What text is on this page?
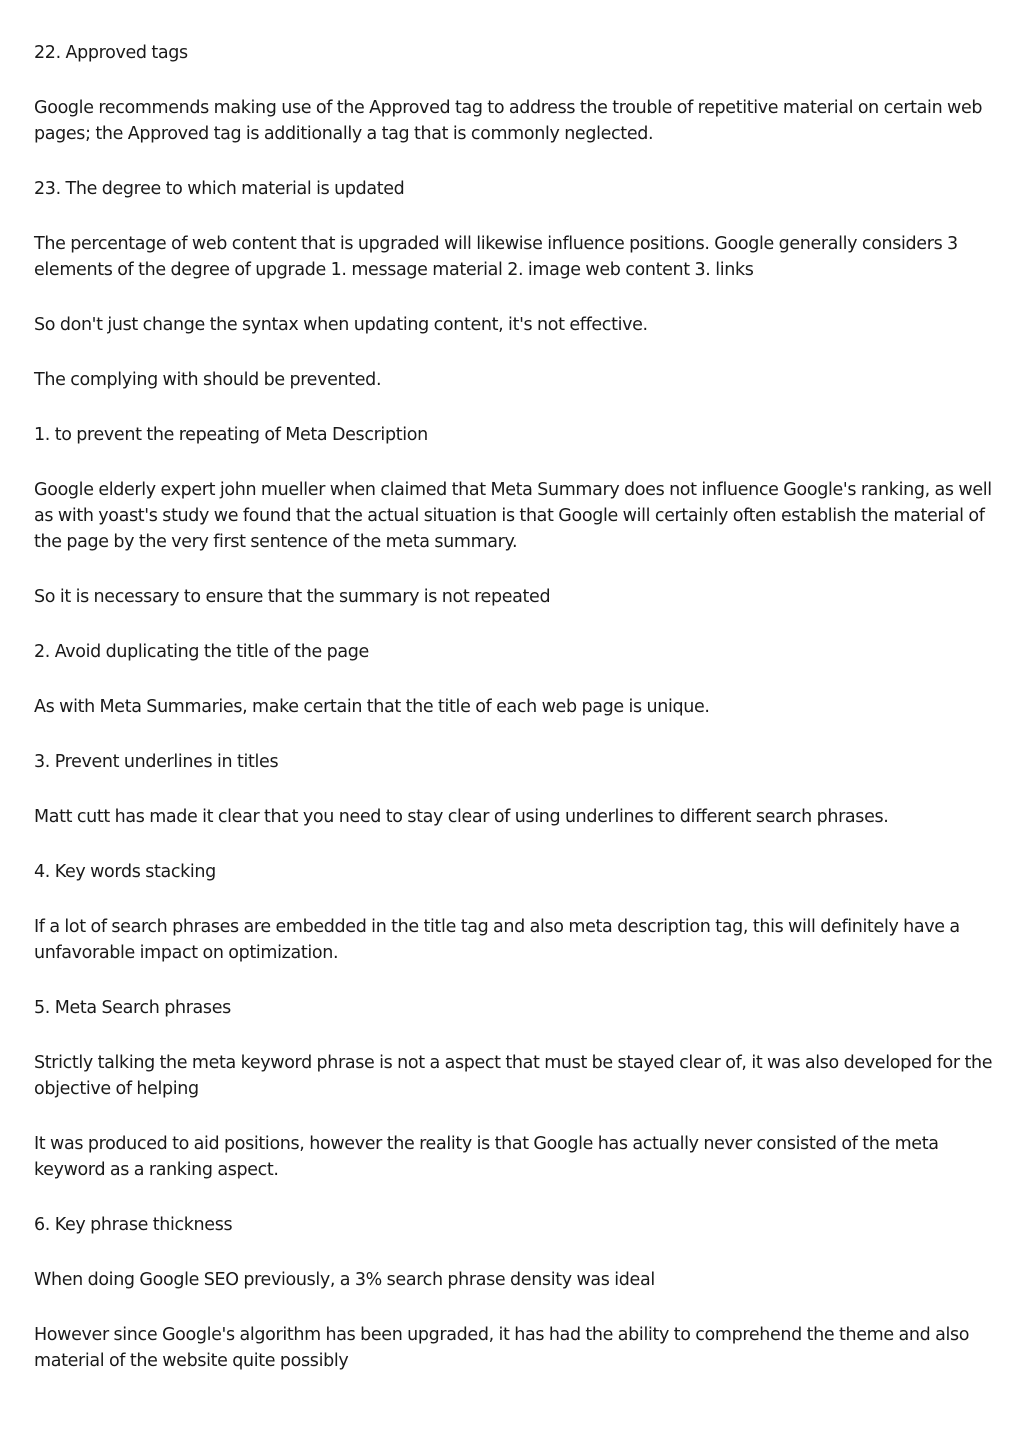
22. Approved tags

Google recommends making use of the Approved tag to address the trouble of repetitive material on certain web pages; the Approved tag is additionally a tag that is commonly neglected.

23. The degree to which material is updated

The percentage of web content that is upgraded will likewise influence positions. Google generally considers 3 elements of the degree of upgrade 1. message material 2. image web content 3. links

So don't just change the syntax when updating content, it's not effective.

The complying with should be prevented.

1. to prevent the repeating of Meta Description

Google elderly expert john mueller when claimed that Meta Summary does not influence Google's ranking, as well as with yoast's study we found that the actual situation is that Google will certainly often establish the material of the page by the very first sentence of the meta summary.

So it is necessary to ensure that the summary is not repeated

2. Avoid duplicating the title of the page

As with Meta Summaries, make certain that the title of each web page is unique.

3. Prevent underlines in titles

Matt cutt has made it clear that you need to stay clear of using underlines to different search phrases.

4. Key words stacking

If a lot of search phrases are embedded in the title tag and also meta description tag, this will definitely have a unfavorable impact on optimization.

5. Meta Search phrases

Strictly talking the meta keyword phrase is not a aspect that must be stayed clear of, it was also developed for the objective of helping

It was produced to aid positions, however the reality is that Google has actually never consisted of the meta keyword as a ranking aspect.

6. Key phrase thickness

When doing Google SEO previously, a 3% search phrase density was ideal

However since Google's algorithm has been upgraded, it has had the ability to comprehend the theme and also material of the website quite possibly
